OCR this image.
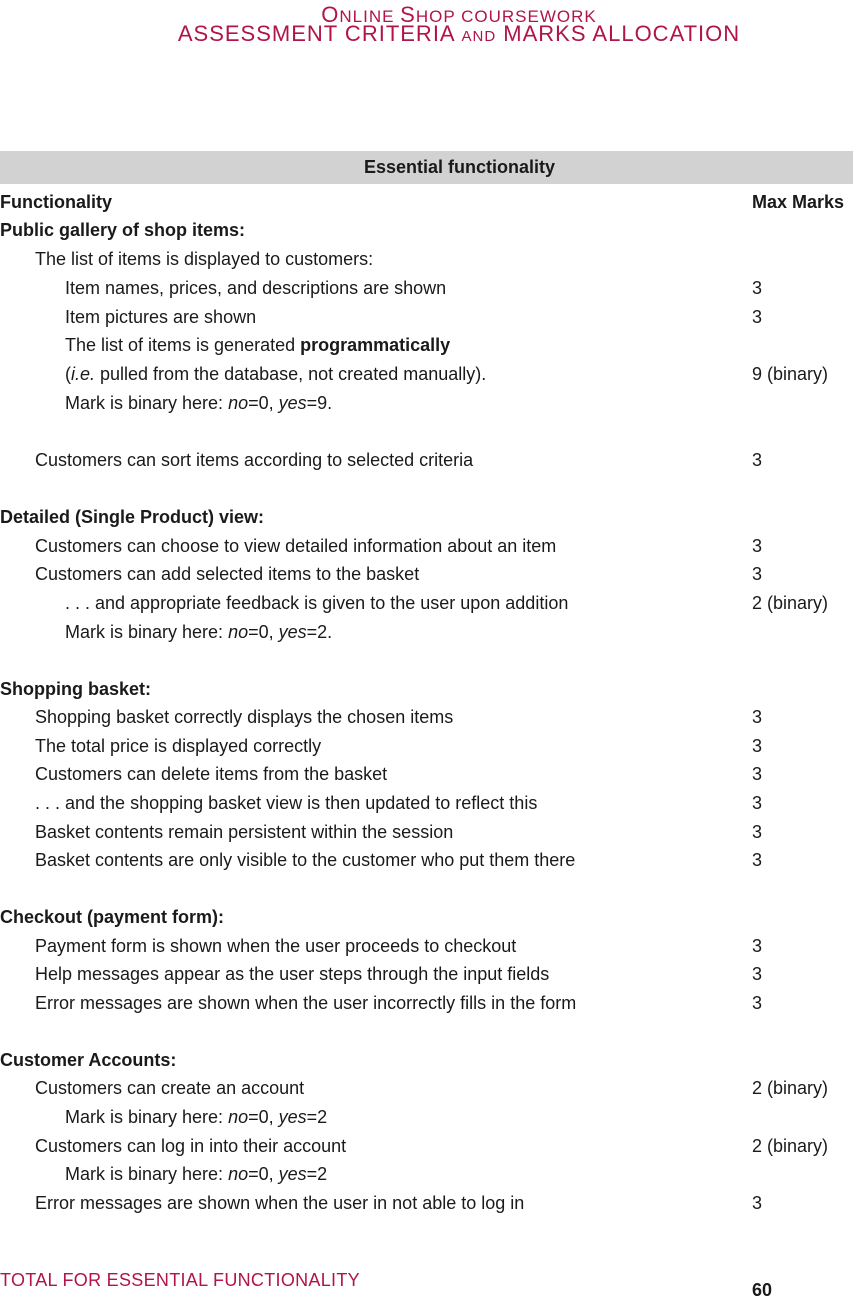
ONLINE SHOP COURSEWORK
ASSESSMENT CRITERIA AND MARKS ALLOCATION
Essential functionality
Functionality	Max Marks
Public gallery of shop items:
The list of items is displayed to customers:
Item names, prices, and descriptions are shown	3
Item pictures are shown	3
The list of items is generated programmatically
(i.e. pulled from the database, not created manually).	9 (binary)
Mark is binary here: no=0, yes=9.
Customers can sort items according to selected criteria	3
Detailed (Single Product) view:
Customers can choose to view detailed information about an item	3
Customers can add selected items to the basket	3
. . . and appropriate feedback is given to the user upon addition	2 (binary)
Mark is binary here: no=0, yes=2.
Shopping basket:
Shopping basket correctly displays the chosen items	3
The total price is displayed correctly	3
Customers can delete items from the basket	3
. . . and the shopping basket view is then updated to reflect this	3
Basket contents remain persistent within the session	3
Basket contents are only visible to the customer who put them there	3
Checkout (payment form):
Payment form is shown when the user proceeds to checkout	3
Help messages appear as the user steps through the input fields	3
Error messages are shown when the user incorrectly fills in the form	3
Customer Accounts:
Customers can create an account	2 (binary)
Mark is binary here: no=0, yes=2
Customers can log in into their account	2 (binary)
Mark is binary here: no=0, yes=2
Error messages are shown when the user in not able to log in	3
TOTAL FOR ESSENTIAL FUNCTIONALITY	60
